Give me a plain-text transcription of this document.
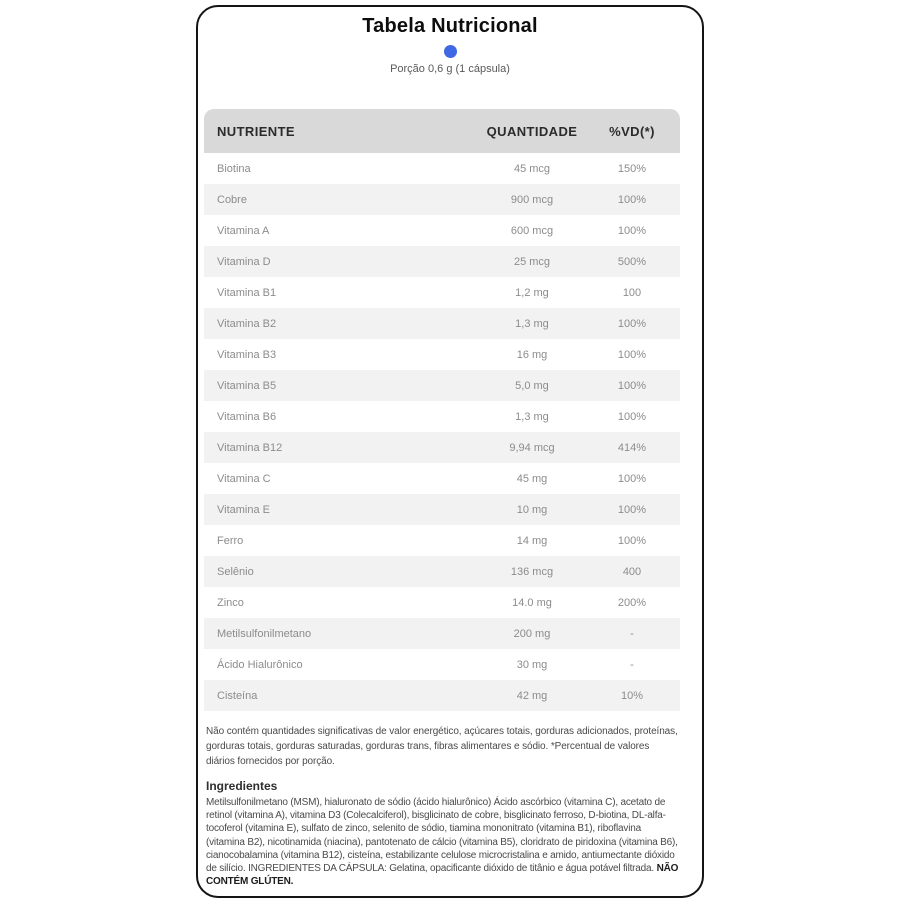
Tabela Nutricional
Porção 0,6 g (1 cápsula)
NUTRIENTE	QUANTIDADE	%VD(*)
Biotina	45 mcg	150%
Cobre	900 mcg	100%
Vitamina A	600 mcg	100%
Vitamina D	25 mcg	500%
Vitamina B1	1,2 mg	100
Vitamina B2	1,3 mg	100%
Vitamina B3	16 mg	100%
Vitamina B5	5,0 mg	100%
Vitamina B6	1,3 mg	100%
Vitamina B12	9,94 mcg	414%
Vitamina C	45 mg	100%
Vitamina E	10 mg	100%
Ferro	14 mg	100%
Selênio	136 mcg	400
Zinco	14.0 mg	200%
Metilsulfonilmetano	200 mg	-
Ácido Hialurônico	30 mg	-
Cisteína	42 mg	10%

Não contém quantidades significativas de valor energético, açúcares totais, gorduras adicionados, proteínas, gorduras totais, gorduras saturadas, gorduras trans, fibras alimentares e sódio. *Percentual de valores diários fornecidos por porção.

Ingredientes

Metilsulfonilmetano (MSM), hialuronato de sódio (ácido hialurônico) Ácido ascórbico (vitamina C), acetato de retinol (vitamina A), vitamina D3 (Colecalciferol), bisglicinato de cobre, bisglicinato ferroso, D-biotina, DL-alfa-tocoferol (vitamina E), sulfato de zinco, selenito de sódio, tiamina mononitrato (vitamina B1), riboflavina (vitamina B2), nicotinamida (niacina), pantotenato de cálcio (vitamina B5), cloridrato de piridoxina (vitamina B6), cianocobalamina (vitamina B12), cisteína, estabilizante celulose microcristalina e amido, antiumectante dióxido de silício. INGREDIENTES DA CÁPSULA: Gelatina, opacificante dióxido de titânio e água potável filtrada. NÃO CONTÉM GLÚTEN.
